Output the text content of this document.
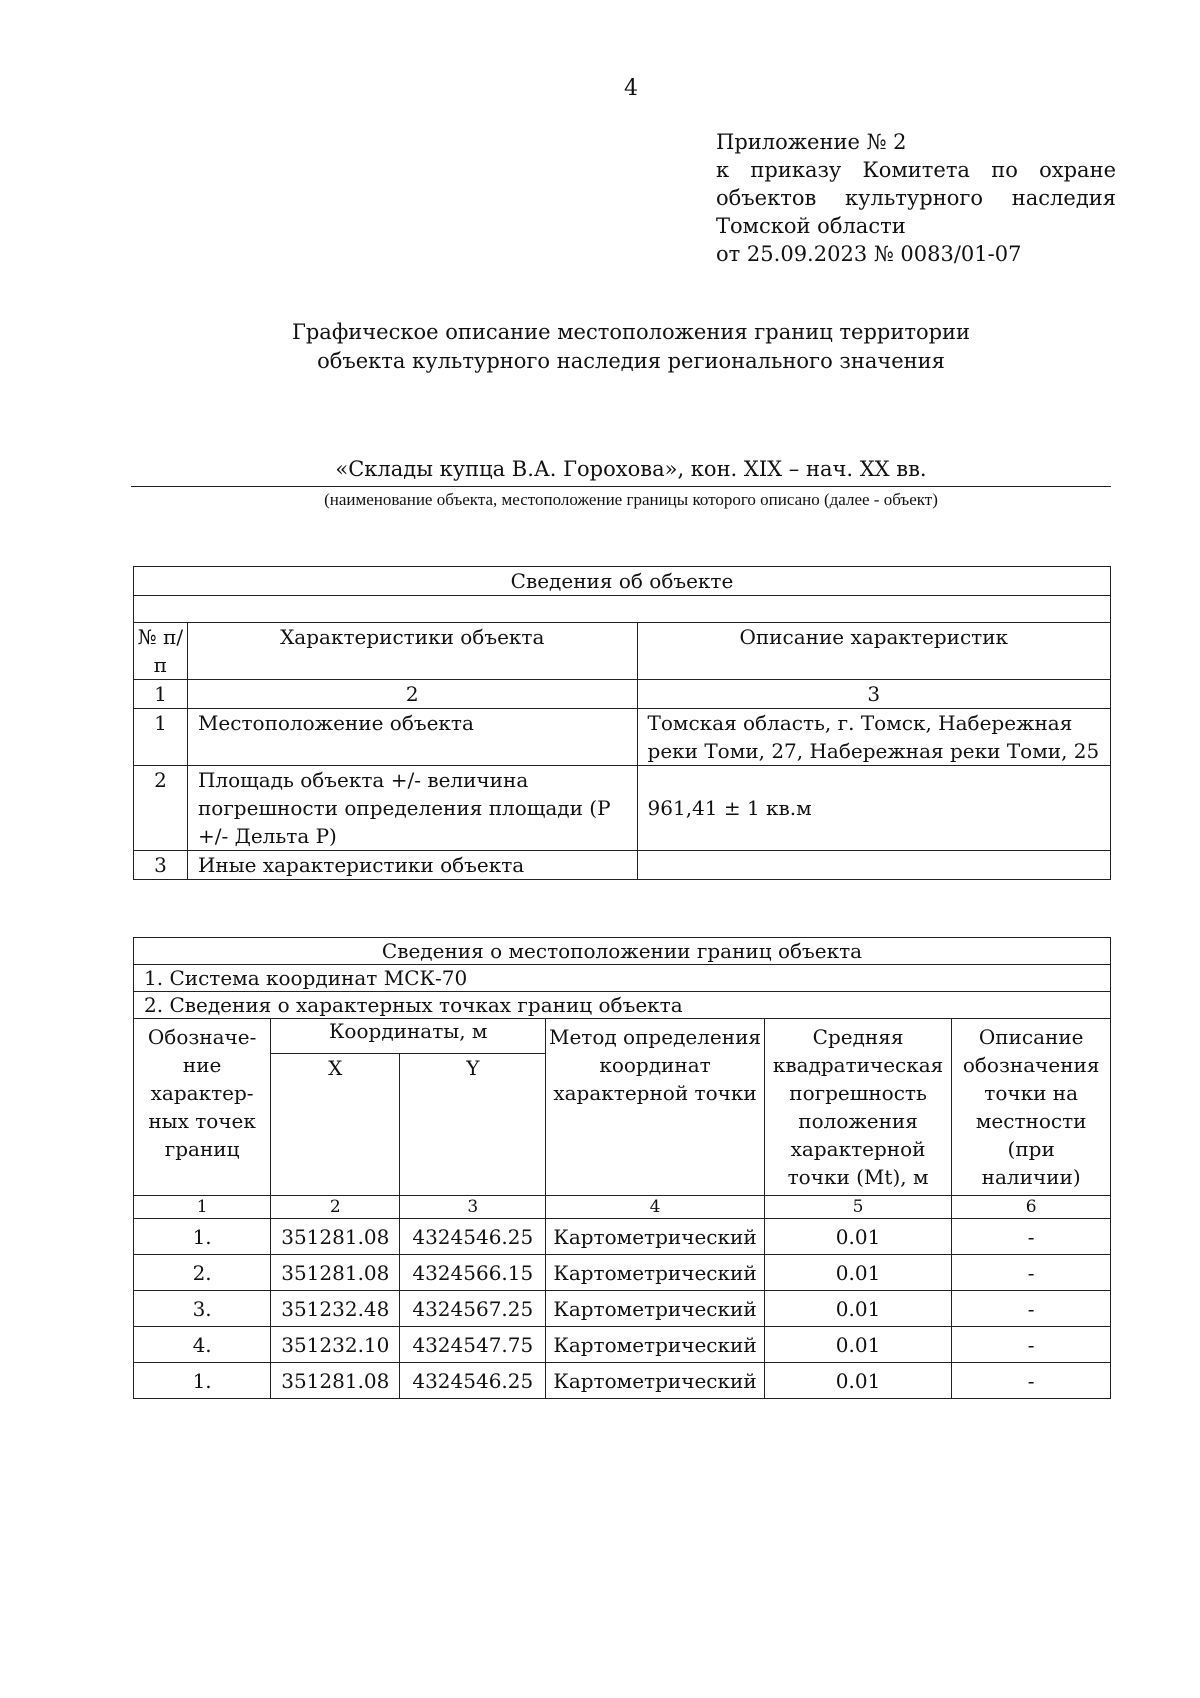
4
Приложение № 2
к приказу Комитета по охране
объектов культурного наследия
Томской области
от 25.09.2023 № 0083/01-07
Графическое описание местоположения границ территории
объекта культурного наследия регионального значения
«Склады купца В.А. Горохова», кон. XIX – нач. XX вв.
(наименование объекта, местоположение границы которого описано (далее - объект)
Сведения об объекте		

№ п/п	Характеристики объекта	Описание характеристик
1	2	3
1	Местоположение объекта	Томская область, г. Томск, Набережная реки Томи, 27, Набережная реки Томи, 25
2	Площадь объекта +/- величина погрешности определения площади (Р +/- Дельта Р)	961,41 ± 1 кв.м
3	Иные характеристики объекта	
Сведения о местоположении границ объекта					
1. Система координат МСК-70					
2. Сведения о характерных точках границ объекта					
Обозначе-ние характер-ных точек границ	Координаты, м		Метод определения координат характерной точки	Средняя квадратическая погрешность положения характерной точки (Mt), м	Описание обозначения точки на местности (при наличии)
	X	Y			
1	2	3	4	5	6
1.	351281.08	4324546.25	Картометрический	0.01	-
2.	351281.08	4324566.15	Картометрический	0.01	-
3.	351232.48	4324567.25	Картометрический	0.01	-
4.	351232.10	4324547.75	Картометрический	0.01	-
1.	351281.08	4324546.25	Картометрический	0.01	-
